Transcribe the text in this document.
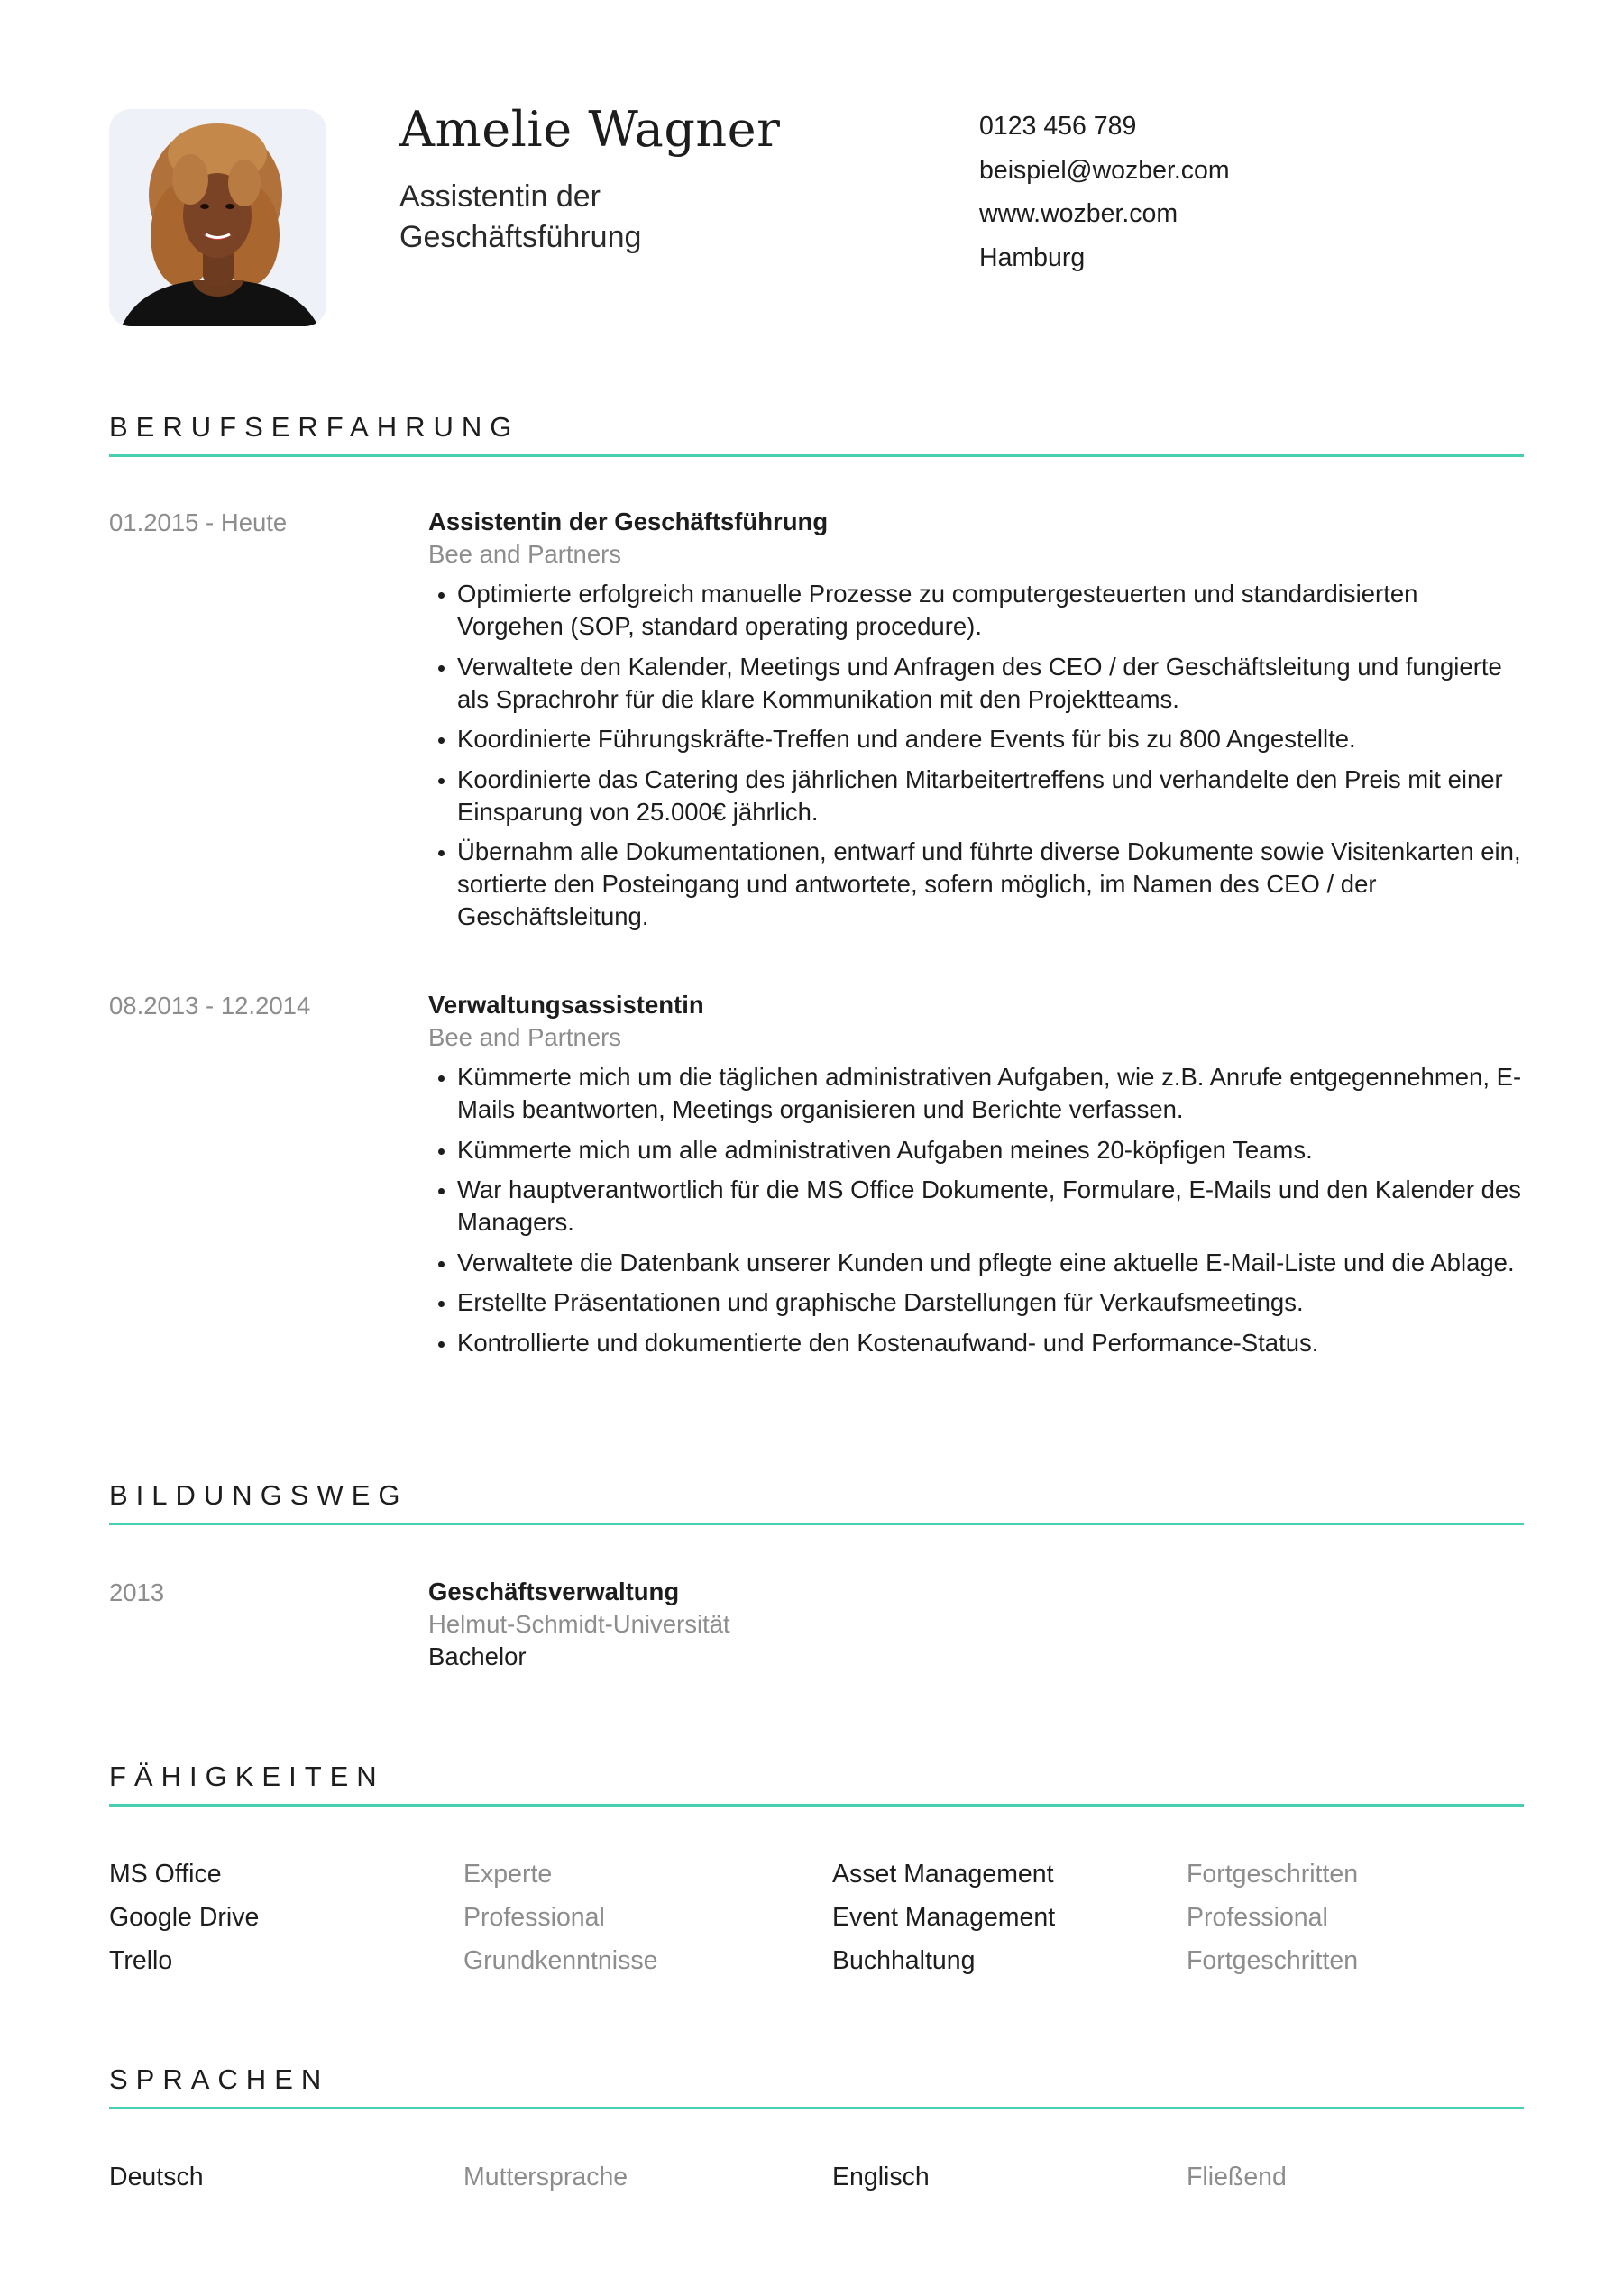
Amelie Wagner
Assistentin der
Geschäftsführung
0123 456 789
beispiel@wozber.com
www.wozber.com
Hamburg
BERUFSERFAHRUNG
01.2015 - Heute	Assistentin der Geschäftsführung
Bee and Partners
• Optimierte erfolgreich manuelle Prozesse zu computergesteuerten und standardisierten Vorgehen (SOP, standard operating procedure).
• Verwaltete den Kalender, Meetings und Anfragen des CEO / der Geschäftsleitung und fungierte als Sprachrohr für die klare Kommunikation mit den Projektteams.
• Koordinierte Führungskräfte-Treffen und andere Events für bis zu 800 Angestellte.
• Koordinierte das Catering des jährlichen Mitarbeitertreffens und verhandelte den Preis mit einer Einsparung von 25.000€ jährlich.
• Übernahm alle Dokumentationen, entwarf und führte diverse Dokumente sowie Visitenkarten ein, sortierte den Posteingang und antwortete, sofern möglich, im Namen des CEO / der Geschäftsleitung.
08.2013 - 12.2014	Verwaltungsassistentin
Bee and Partners
• Kümmerte mich um die täglichen administrativen Aufgaben, wie z.B. Anrufe entgegennehmen, E-Mails beantworten, Meetings organisieren und Berichte verfassen.
• Kümmerte mich um alle administrativen Aufgaben meines 20-köpfigen Teams.
• War hauptverantwortlich für die MS Office Dokumente, Formulare, E-Mails und den Kalender des Managers.
• Verwaltete die Datenbank unserer Kunden und pflegte eine aktuelle E-Mail-Liste und die Ablage.
• Erstellte Präsentationen und graphische Darstellungen für Verkaufsmeetings.
• Kontrollierte und dokumentierte den Kostenaufwand- und Performance-Status.
BILDUNGSWEG
2013	Geschäftsverwaltung
Helmut-Schmidt-Universität
Bachelor
FÄHIGKEITEN
MS Office	Experte	Asset Management	Fortgeschritten
Google Drive	Professional	Event Management	Professional
Trello	Grundkenntnisse	Buchhaltung	Fortgeschritten
SPRACHEN
Deutsch	Muttersprache	Englisch	Fließend
